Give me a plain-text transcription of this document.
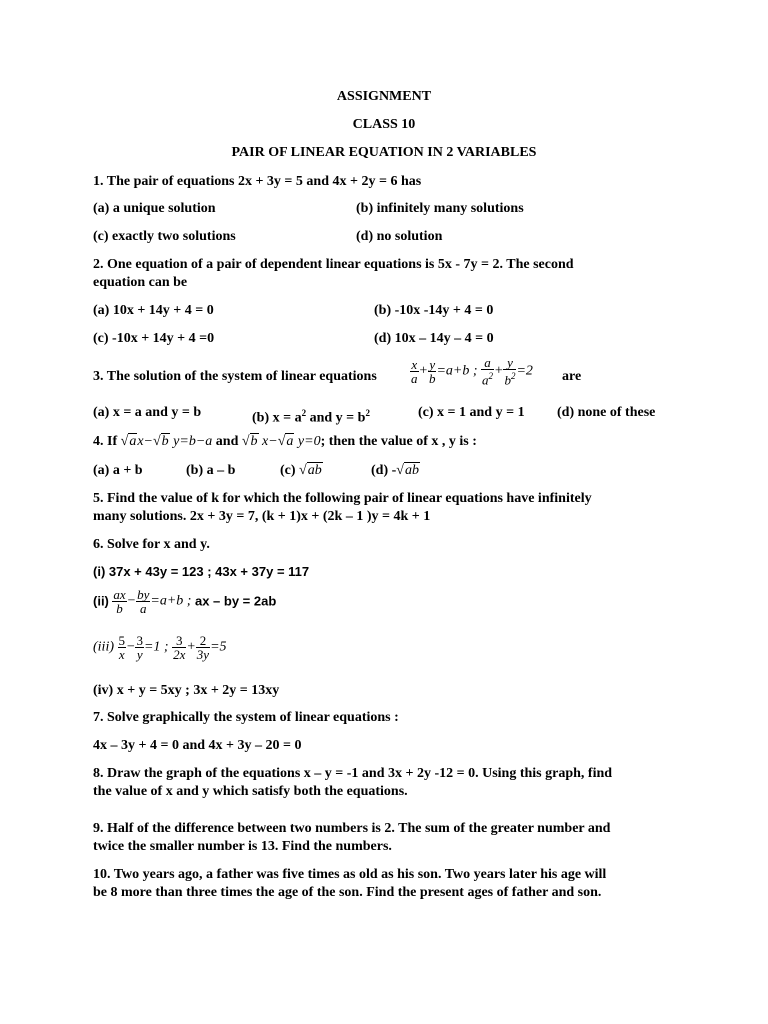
ASSIGNMENT
CLASS 10
PAIR OF LINEAR EQUATION IN 2 VARIABLES
1. The pair of equations 2x + 3y = 5 and 4x + 2y = 6 has
(a) a unique solution	(b) infinitely many solutions
(c) exactly two solutions	(d) no solution
2. One equation of a pair of dependent linear equations is 5x - 7y = 2. The second
equation can be
(a) 10x + 14y + 4 = 0	(b) -10x -14y + 4 = 0
(c) -10x + 14y + 4 =0	(d) 10x – 14y – 4 = 0
3. The solution of the system of linear equations	$\frac{x}{a} + \frac{y}{b} =a+b$ ; $\frac{a}{a^2} + \frac{y}{b^2} =2$ are
(a) x = a and y = b	(b) $x = a^2$ and $y = b^2$	(c) x = 1 and y = 1 (d) none of these
4. If √ax−√b y=b−a and √b x−√a y=0; then the value of x , y is :
(a) a + b	(b) a – b	(c) √ab	(d) -√ab
5. Find the value of k for which the following pair of linear equations have infinitely
many solutions. 2x + 3y = 7, (k + 1)x + (2k – 1 )y = 4k + 1
6. Solve for x and y.
(i) 37x + 43y = 123 ; 43x + 37y = 117
$(ii) \frac{ax}{b} - \frac{by}{a} =a+b$ ; ax – by = 2ab
$(iii) \frac{5}{x} - \frac{3}{y} =1$ ; $\frac{3}{2x} + \frac{2}{3y} =5$
(iv) x + y = 5xy ; 3x + 2y = 13xy
7. Solve graphically the system of linear equations :
4x – 3y + 4 = 0 and 4x + 3y – 20 = 0
8. Draw the graph of the equations x – y = -1 and 3x + 2y -12 = 0. Using this graph, find
the value of x and y which satisfy both the equations.
9. Half of the difference between two numbers is 2. The sum of the greater number and
twice the smaller number is 13. Find the numbers.
10. Two years ago, a father was five times as old as his son. Two years later his age will
be 8 more than three times the age of the son. Find the present ages of father and son.
